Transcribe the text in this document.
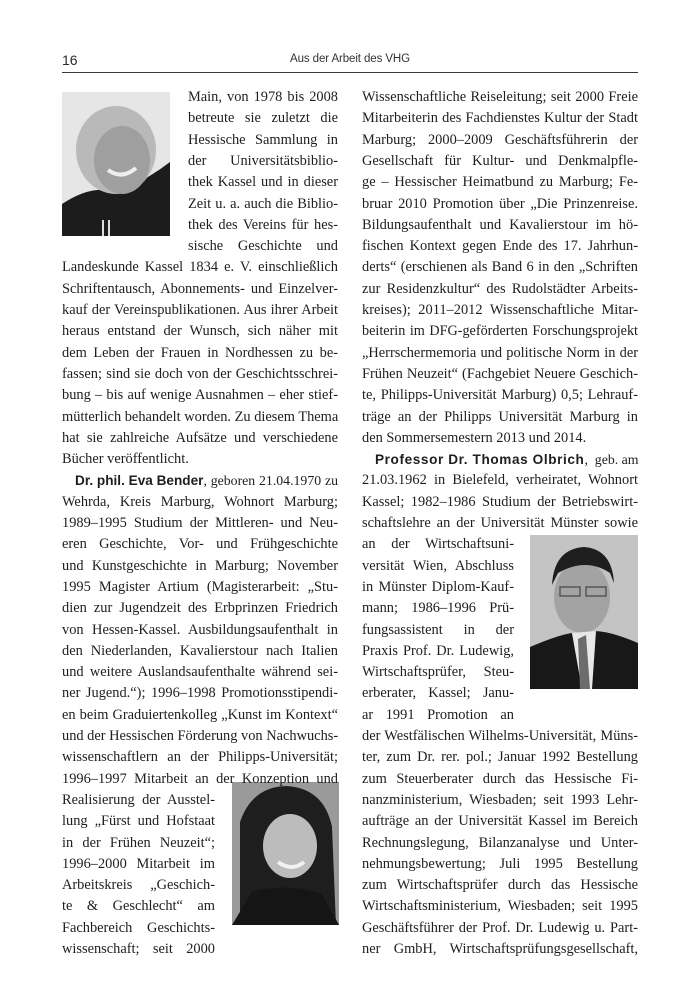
16	Aus der Arbeit des VHG
Main, von 1978 bis 2008
betreute sie zuletzt die
Hessische Sammlung in
der Universitätsbiblio-
thek Kassel und in dieser
Zeit u. a. auch die Biblio-
thek des Vereins für hes-
sische Geschichte und
Landeskunde Kassel 1834 e. V. einschließlich
Schriftentausch, Abonnements- und Einzelver-
kauf der Vereinspublikationen. Aus ihrer Arbeit
heraus entstand der Wunsch, sich näher mit
dem Leben der Frauen in Nordhessen zu be-
fassen; sind sie doch von der Geschichtsschrei-
bung – bis auf wenige Ausnahmen – eher stief-
mütterlich behandelt worden. Zu diesem Thema
hat sie zahlreiche Aufsätze und verschiedene
Bücher veröffentlicht.
Dr. phil. Eva Bender , geboren 21.04.1970 zu
Wehrda, Kreis Marburg, Wohnort Marburg;
1989–1995 Studium der Mittleren- und Neu-
eren Geschichte, Vor- und Frühgeschichte
und Kunstgeschichte in Marburg; November
1995 Magister Artium (Magisterarbeit: „Stu-
dien zur Jugendzeit des Erbprinzen Friedrich
von Hessen-Kassel. Ausbildungsaufenthalt in
den Niederlanden, Kavalierstour nach Italien
und weitere Auslandsaufenthalte während sei-
ner Jugend.“); 1996–1998 Promotionsstipendi-
en beim Graduiertenkolleg „Kunst im Kontext“
und der Hessischen Förderung von Nachwuchs-
wissenschaftlern an der Philipps-Universität;
1996–1997 Mitarbeit an der Konzeption und
Realisierung der Ausstel-
lung „Fürst und Hofstaat
in der Frühen Neuzeit“;
1996–2000 Mitarbeit im
Arbeitskreis „Geschich-
te & Geschlecht“ am
Fachbereich Geschichts-
wissenschaft; seit 2000
Wissenschaftliche Reiseleitung; seit 2000 Freie
Mitarbeiterin des Fachdienstes Kultur der Stadt
Marburg; 2000–2009 Geschäftsführerin der
Gesellschaft für Kultur- und Denkmalpfle-
ge – Hessischer Heimatbund zu Marburg; Fe-
bruar 2010 Promotion über „Die Prinzenreise.
Bildungsaufenthalt und Kavalierstour im hö-
fischen Kontext gegen Ende des 17. Jahrhun-
derts“ (erschienen als Band 6 in den „Schriften
zur Residenzkultur“ des Rudolstädter Arbeits-
kreises); 2011–2012 Wissenschaftliche Mitar-
beiterin im DFG-geförderten Forschungsprojekt
„Herrschermemoria und politische Norm in der
Frühen Neuzeit“ (Fachgebiet Neuere Geschich-
te, Philipps-Universität Marburg) 0,5; Lehrauf-
träge an der Philipps Universität Marburg in
den Sommersemestern 2013 und 2014.
Professor Dr. Thomas Olbrich ,  geb. am
21.03.1962 in Bielefeld, verheiratet, Wohnort
Kassel; 1982–1986 Studium der Betriebswirt-
schaftslehre an der Universität Münster sowie
an der Wirtschaftsuni-
versität Wien, Abschluss
in Münster Diplom-Kauf-
mann; 1986–1996 Prü-
fungsassistent in der
Praxis Prof. Dr. Ludewig,
Wirtschaftsprüfer, Steu-
erberater, Kassel; Janu-
ar 1991 Promotion an
der Westfälischen Wilhelms-Universität, Müns-
ter, zum Dr. rer. pol.; Januar 1992 Bestellung
zum Steuerberater durch das Hessische Fi-
nanzministerium, Wiesbaden; seit 1993 Lehr-
aufträge an der Universität Kassel im Bereich
Rechnungslegung, Bilanzanalyse und Unter-
nehmungsbewertung; Juli 1995 Bestellung
zum Wirtschaftsprüfer durch das Hessische
Wirtschaftsministerium, Wiesbaden; seit 1995
Geschäftsführer der Prof. Dr. Ludewig u. Part-
ner GmbH, Wirtschaftsprüfungsgesellschaft,
